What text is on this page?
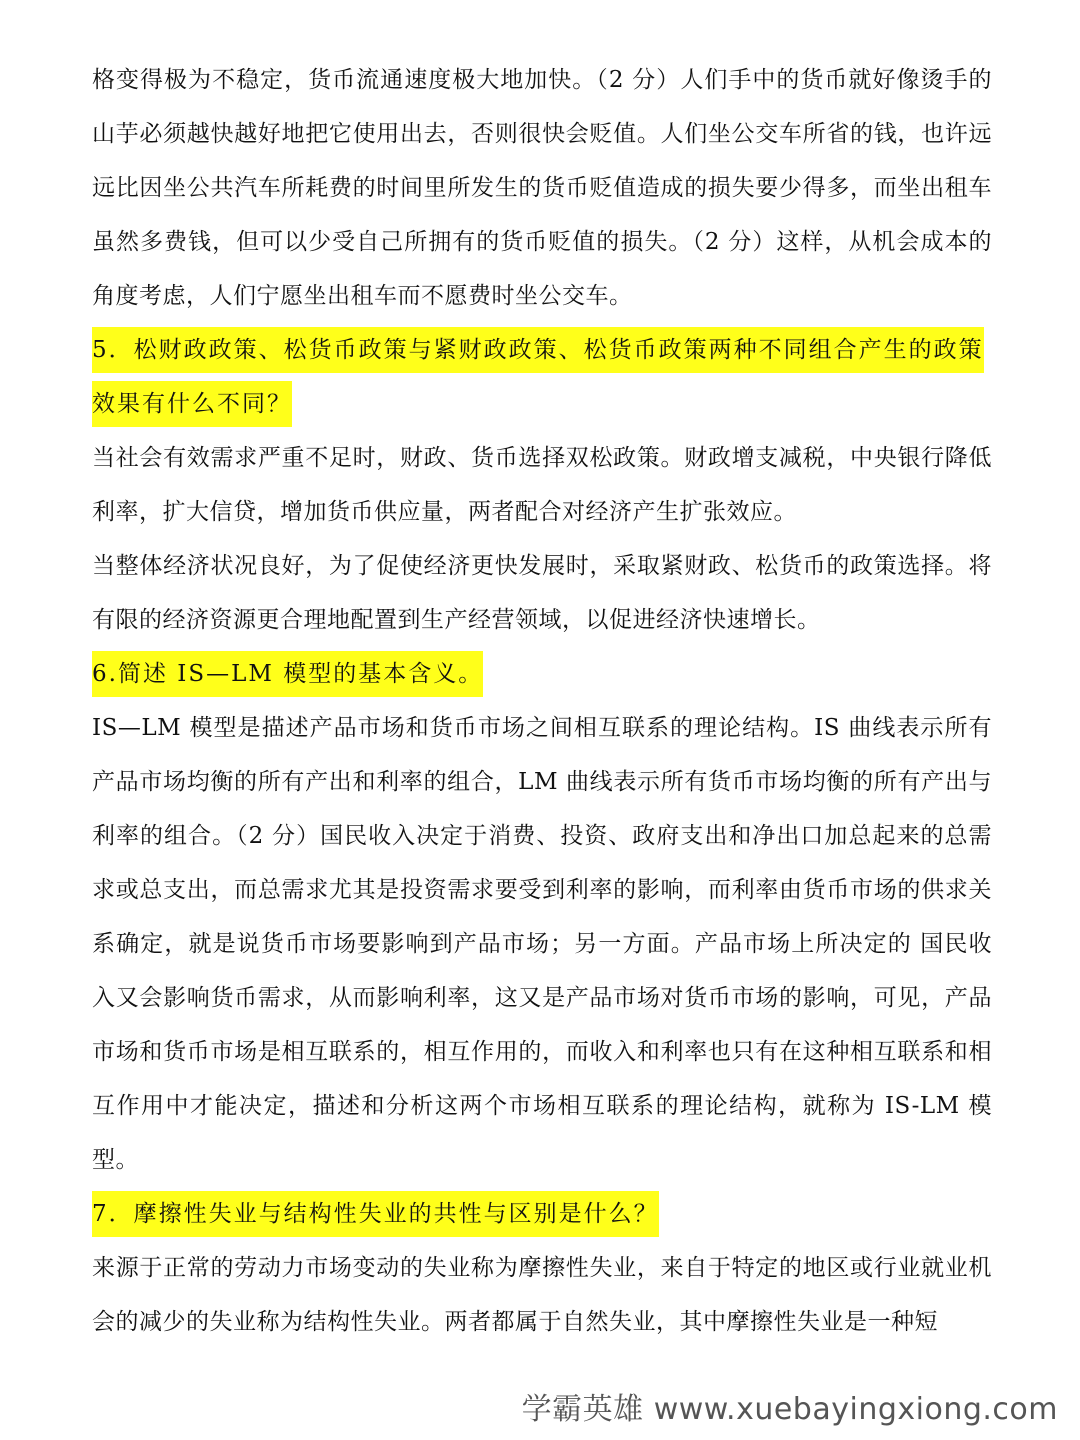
格变得极为不稳定，货币流通速度极大地加快。（2 分）人们手中的货币就好像烫手的山芋必须越快越好地把它使用出去，否则很快会贬值。人们坐公交车所省的钱，也许远远比因坐公共汽车所耗费的时间里所发生的货币贬值造成的损失要少得多，而坐出租车虽然多费钱，但可以少受自己所拥有的货币贬值的损失。（2 分）这样，从机会成本的角度考虑，人们宁愿坐出租车而不愿费时坐公交车。

5．松财政政策、松货币政策与紧财政政策、松货币政策两种不同组合产生的政策效果有什么不同？

当社会有效需求严重不足时，财政、货币选择双松政策。财政增支减税，中央银行降低利率，扩大信贷，增加货币供应量，两者配合对经济产生扩张效应。

当整体经济状况良好，为了促使经济更快发展时，采取紧财政、松货币的政策选择。将有限的经济资源更合理地配置到生产经营领域，以促进经济快速增长。

6.简述 IS—LM 模型的基本含义。

IS—LM 模型是描述产品市场和货币市场之间相互联系的理论结构。IS 曲线表示所有产品市场均衡的所有产出和利率的组合，LM 曲线表示所有货币市场均衡的所有产出与利率的组合。（2 分）国民收入决定于消费、投资、政府支出和净出口加总起来的总需求或总支出，而总需求尤其是投资需求要受到利率的影响，而利率由货币市场的供求关系确定，就是说货币市场要影响到产品市场；另一方面。产品市场上所决定的 国民收入又会影响货币需求，从而影响利率，这又是产品市场对货币市场的影响，可见，产品市场和货币市场是相互联系的，相互作用的，而收入和利率也只有在这种相互联系和相互作用中才能决定，描述和分析这两个市场相互联系的理论结构，就称为 IS-LM 模型。

7．摩擦性失业与结构性失业的共性与区别是什么？

来源于正常的劳动力市场变动的失业称为摩擦性失业，来自于特定的地区或行业就业机会的减少的失业称为结构性失业。两者都属于自然失业，其中摩擦性失业是一种短

学霸英雄 www.xuebayingxiong.com
